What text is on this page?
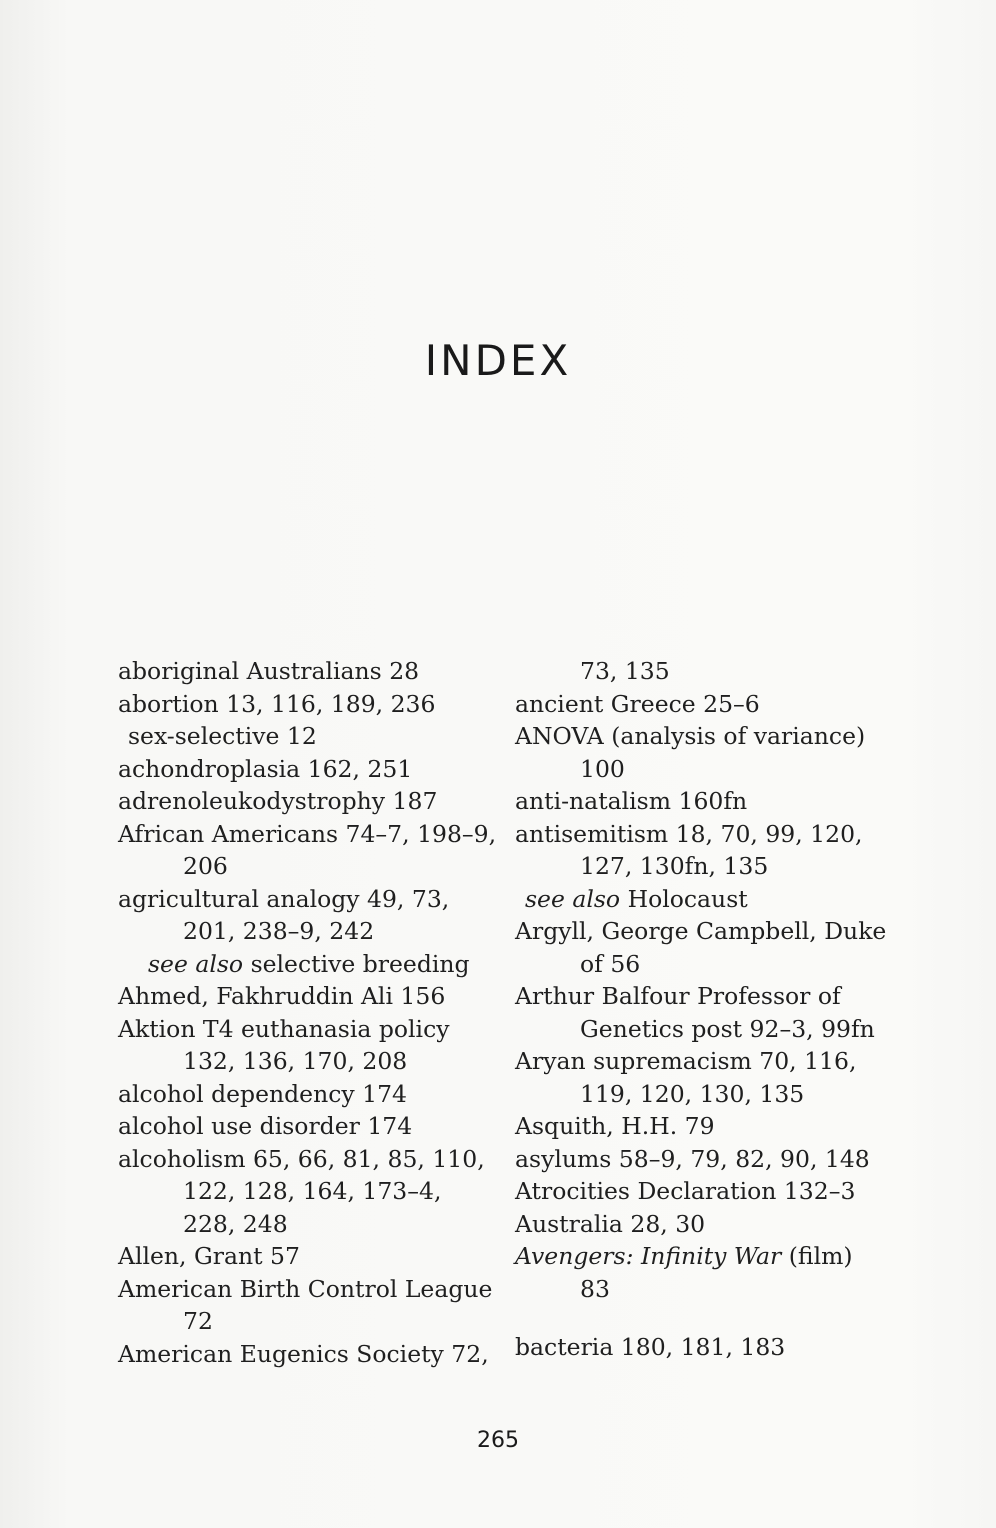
INDEX
aboriginal Australians 28
abortion 13, 116, 189, 236
sex-selective 12
achondroplasia 162, 251
adrenoleukodystrophy 187
African Americans 74–7, 198–9,
206
agricultural analogy 49, 73,
201, 238–9, 242
see also selective breeding
Ahmed, Fakhruddin Ali 156
Aktion T4 euthanasia policy
132, 136, 170, 208
alcohol dependency 174
alcohol use disorder 174
alcoholism 65, 66, 81, 85, 110,
122, 128, 164, 173–4,
228, 248
Allen, Grant 57
American Birth Control League
72
American Eugenics Society 72,
73, 135
ancient Greece 25–6
ANOVA (analysis of variance)
100
anti-natalism 160fn
antisemitism 18, 70, 99, 120,
127, 130fn, 135
see also Holocaust
Argyll, George Campbell, Duke
of 56
Arthur Balfour Professor of
Genetics post 92–3, 99fn
Aryan supremacism 70, 116,
119, 120, 130, 135
Asquith, H.H. 79
asylums 58–9, 79, 82, 90, 148
Atrocities Declaration 132–3
Australia 28, 30
Avengers: Infinity War (film)
83
bacteria 180, 181, 183
265
